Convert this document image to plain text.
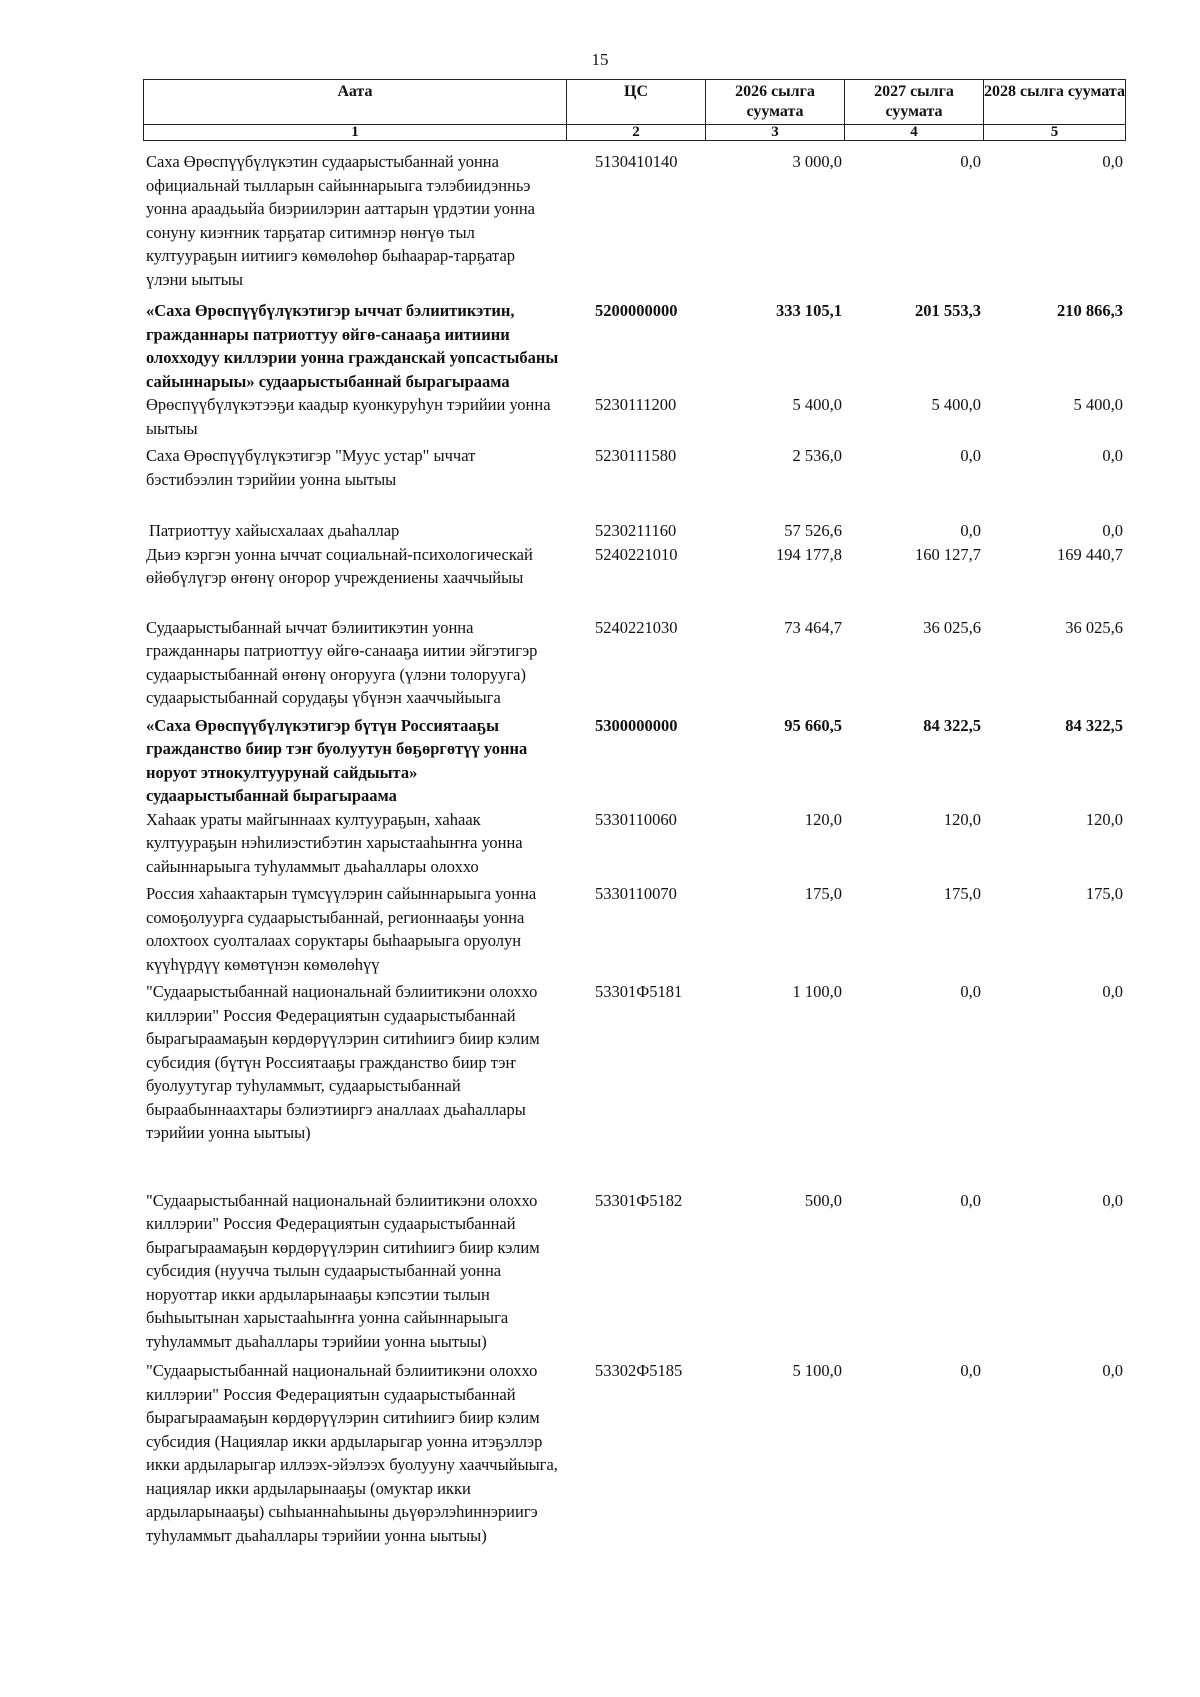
15
Аата	ЦС	2026 сылга суумата	2027 сылга суумата	2028 сылга суумата
1	2	3	4	5
Саха Өрөспүүбүлүкэтин судаарыстыбаннай уонна официальнай тылларын сайыннарыыга тэлэбиидэнньэ уонна араадьыйа биэриилэрин ааттарын үрдэтии уонна сонуну киэҥник тарҕатар ситимнэр нөҥүө тыл култуураҕын иитиигэ көмөлөһөр быһаарар-тарҕатар үлэни ыытыы	5130410140	3 000,0	0,0	0,0
«Саха Өрөспүүбүлүкэтигэр ыччат бэлиитикэтин, гражданнары патриоттуу өйгө-санааҕа иитиини олохходуу киллэрии уонна гражданскай уопсастыбаны сайыннарыы» судаарыстыбаннай бырагыраама	5200000000	333 105,1	201 553,3	210 866,3
Өрөспүүбүлүкэтээҕи каадыр куонкуруһун тэрийии уонна ыытыы	5230111200	5 400,0	5 400,0	5 400,0
Саха Өрөспүүбүлүкэтигэр "Муус устар" ыччат бэстибээлин тэрийии уонна ыытыы	5230111580	2 536,0	0,0	0,0
Патриоттуу хайысхалаах дьаһаллар	5230211160	57 526,6	0,0	0,0
Дьиэ кэргэн уонна ыччат социальнай-психологическай өйөбүлүгэр өҥөнү оҥорор учреждениены хааччыйыы	5240221010	194 177,8	160 127,7	169 440,7
Судаарыстыбаннай ыччат бэлиитикэтин уонна гражданнары патриоттуу өйгө-санааҕа иитии эйгэтигэр судаарыстыбаннай өҥөнү оҥорууга (үлэни толорууга) судаарыстыбаннай сорудаҕы үбүнэн хааччыйыыга	5240221030	73 464,7	36 025,6	36 025,6
«Саха Өрөспүүбүлүкэтигэр бүтүн Россиятааҕы гражданство биир тэҥ буолуутун бөҕөргөтүү уонна норуот этнокултуурунай сайдыыта» судаарыстыбаннай бырагыраама	5300000000	95 660,5	84 322,5	84 322,5
Хаһаак ураты майгыннаах култуураҕын, хаһаак култуураҕын нэһилиэстибэтин харыстааһыҥҥа уонна сайыннарыыга туһуламмыт дьаһаллары олоххо	5330110060	120,0	120,0	120,0
Россия хаһаактарын түмсүүлэрин сайыннарыыга уонна сомоҕолуурга судаарыстыбаннай, регионнааҕы уонна олохтоох суолталаах соруктары быһаарыыга оруолун күүһүрдүү көмөтүнэн көмөлөһүү	5330110070	175,0	175,0	175,0
"Судаарыстыбаннай национальнай бэлиитикэни олоххо киллэрии" Россия Федерациятын судаарыстыбаннай бырагыраамаҕын көрдөрүүлэрин ситиһиигэ биир кэлим субсидия (бүтүн Россиятааҕы гражданство биир тэҥ буолуутугар туһуламмыт, судаарыстыбаннай быраабыннаахтары бэлиэтииргэ аналлаах дьаһаллары тэрийии уонна ыытыы)	53301Ф5181	1 100,0	0,0	0,0
"Судаарыстыбаннай национальнай бэлиитикэни олоххо киллэрии" Россия Федерациятын судаарыстыбаннай бырагыраамаҕын көрдөрүүлэрин ситиһиигэ биир кэлим субсидия (нуучча тылын судаарыстыбаннай уонна норуоттар икки ардыларынааҕы кэпсэтии тылын быһыытынан харыстааһыҥҥа уонна сайыннарыыга туһуламмыт дьаһаллары тэрийии уонна ыытыы)	53301Ф5182	500,0	0,0	0,0
"Судаарыстыбаннай национальнай бэлиитикэни олоххо киллэрии" Россия Федерациятын судаарыстыбаннай бырагыраамаҕын көрдөрүүлэрин ситиһиигэ биир кэлим субсидия (Нациялар икки ардыларыгар уонна итэҕэллэр икки ардыларыгар иллээх-эйэлээх буолууну хааччыйыыга, нациялар икки ардыларынааҕы (омуктар икки ардыларынааҕы) сыһыаннаһыыны дьүөрэлэһиннэриигэ туһуламмыт дьаһаллары тэрийии уонна ыытыы)	53302Ф5185	5 100,0	0,0	0,0
